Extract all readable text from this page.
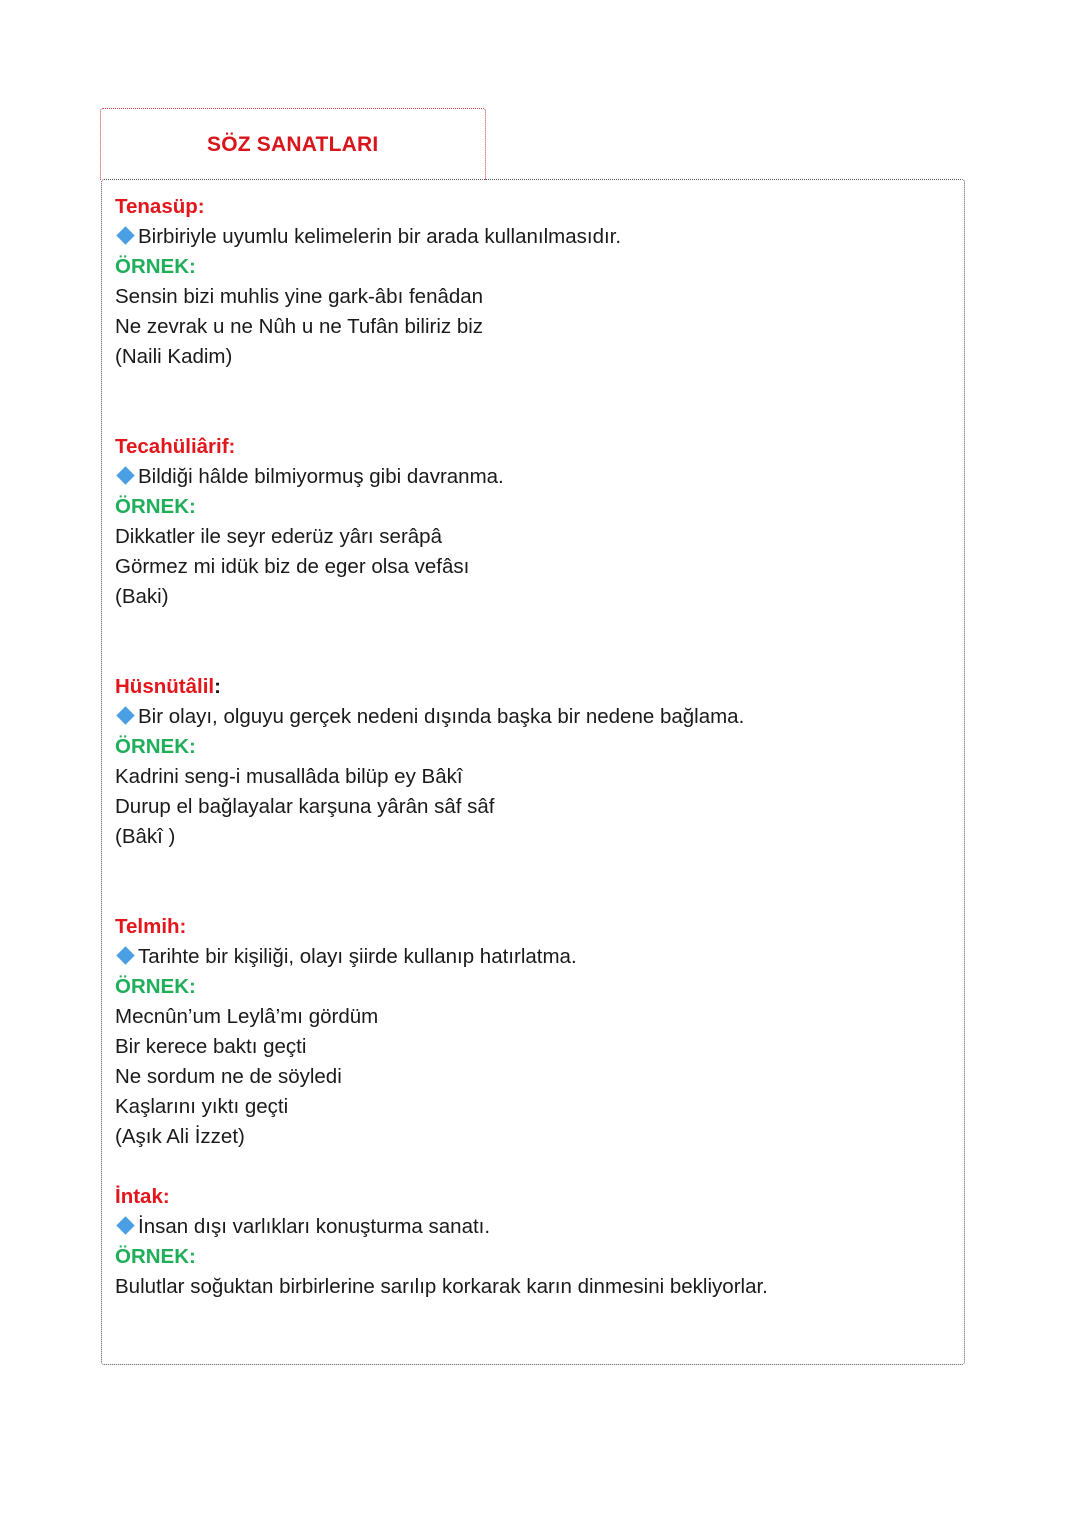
SÖZ SANATLARI
Tenasüp:
Birbiriyle uyumlu kelimelerin bir arada kullanılmasıdır.
ÖRNEK:
Sensin bizi muhlis yine gark-âbı fenâdan
Ne zevrak u ne Nûh u ne Tufân biliriz biz
(Naili Kadim)
Tecahüliârif:
Bildiği hâlde bilmiyormuş gibi davranma.
ÖRNEK:
Dikkatler ile seyr ederüz yârı serâpâ
Görmez mi idük biz de eger olsa vefâsı
(Baki)
Hüsnütâlil:
Bir olayı, olguyu gerçek nedeni dışında başka bir nedene bağlama.
ÖRNEK:
Kadrini seng-i musallâda bilüp ey Bâkî
Durup el bağlayalar karşuna yârân sâf sâf
(Bâkî )
Telmih:
Tarihte bir kişiliği, olayı şiirde kullanıp hatırlatma.
ÖRNEK:
Mecnûn’um Leylâ’mı gördüm
Bir kerece baktı geçti
Ne sordum ne de söyledi
Kaşlarını yıktı geçti
(Aşık Ali İzzet)
İntak:
İnsan dışı varlıkları konuşturma sanatı.
ÖRNEK:
Bulutlar soğuktan birbirlerine sarılıp korkarak karın dinmesini bekliyorlar.
